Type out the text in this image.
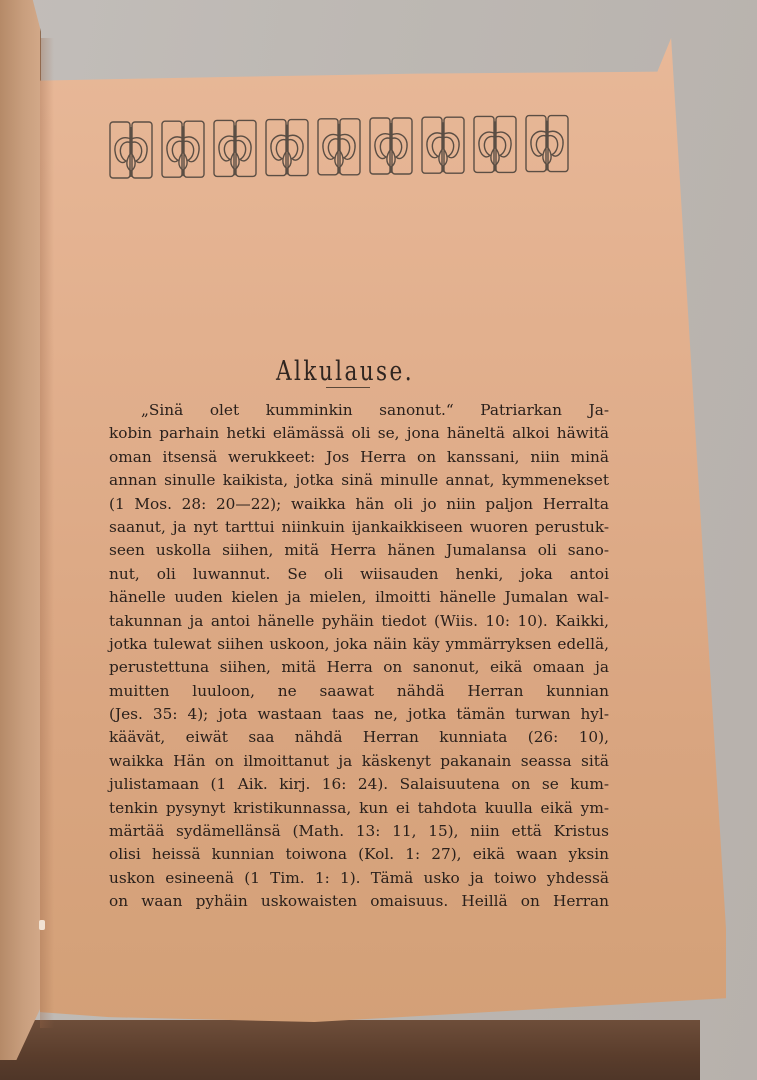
Alkulause.
„Sinä olet kumminkin sanonut.“ Patriarkan Ja-
kobin parhain hetki elämässä oli se, jona häneltä alkoi häwitä
oman itsensä werukkeet: Jos Herra on kanssani, niin minä
annan sinulle kaikista, jotka sinä minulle annat, kymmenekset
(1 Mos. 28: 20—22); waikka hän oli jo niin paljon Herralta
saanut, ja nyt tarttui niinkuin ijankaikkiseen wuoren perustuk-
seen uskolla siihen, mitä Herra hänen Jumalansa oli sano-
nut, oli luwannut. Se oli wiisauden henki, joka antoi
hänelle uuden kielen ja mielen, ilmoitti hänelle Jumalan wal-
takunnan ja antoi hänelle pyhäin tiedot (Wiis. 10: 10). Kaikki,
jotka tulewat siihen uskoon, joka näin käy ymmärryksen edellä,
perustettuna siihen, mitä Herra on sanonut, eikä omaan ja
muitten luuloon, ne saawat nähdä Herran kunnian
(Jes. 35: 4); jota wastaan taas ne, jotka tämän turwan hyl-
käävät, eiwät saa nähdä Herran kunniata (26: 10),
waikka Hän on ilmoittanut ja käskenyt pakanain seassa sitä
julistamaan (1 Aik. kirj. 16: 24). Salaisuutena on se kum-
tenkin pysynyt kristikunnassa, kun ei tahdota kuulla eikä ym-
märtää sydämellänsä (Math. 13: 11, 15), niin että Kristus
olisi heissä kunnian toiwona (Kol. 1: 27), eikä waan yksin
uskon esineenä (1 Tim. 1: 1). Tämä usko ja toiwo yhdessä
on waan pyhäin uskowaisten omaisuus. Heillä on Herran
